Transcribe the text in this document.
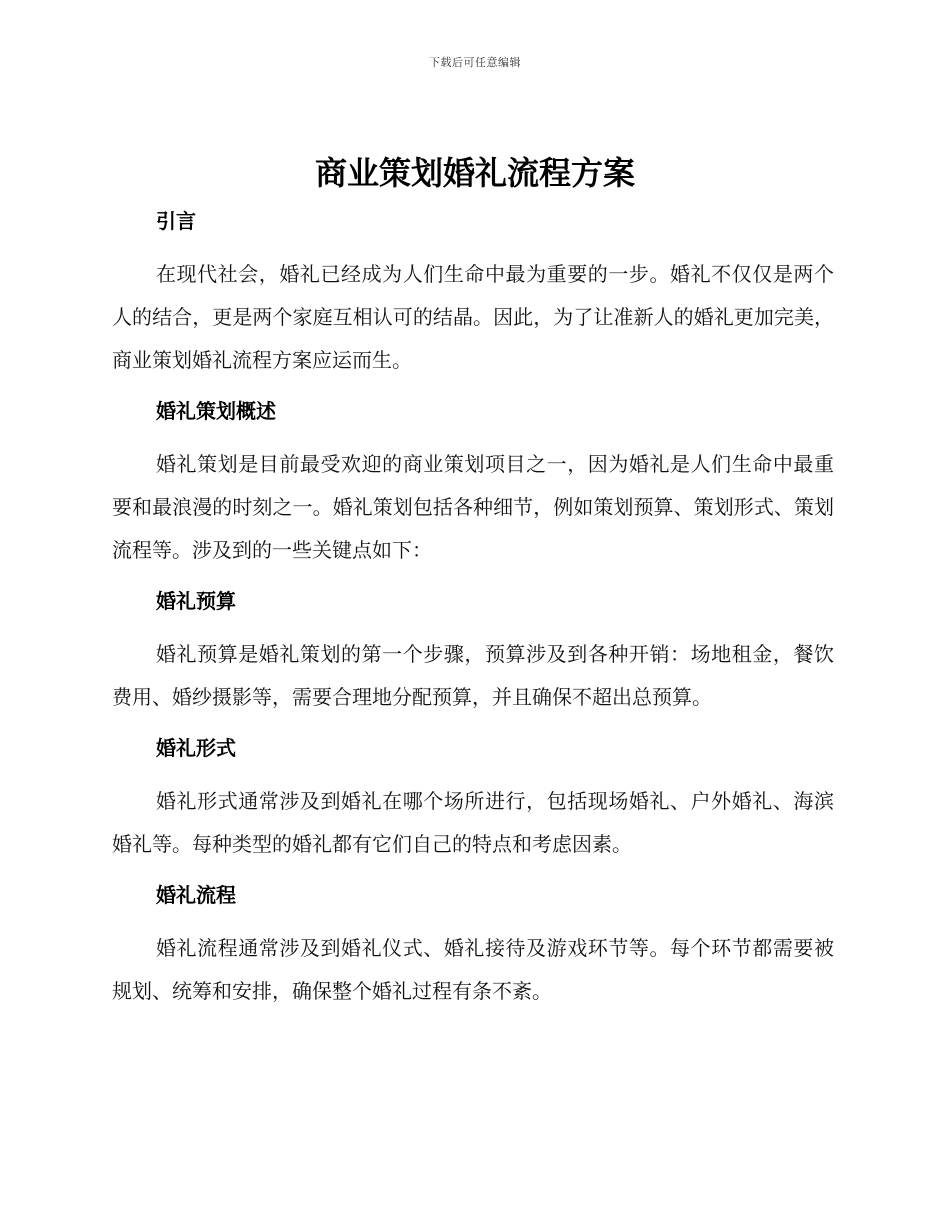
下载后可任意编辑
商业策划婚礼流程方案
引言

在现代社会，婚礼已经成为人们生命中最为重要的一步。婚礼不仅仅是两个人的结合，更是两个家庭互相认可的结晶。因此，为了让准新人的婚礼更加完美，商业策划婚礼流程方案应运而生。

婚礼策划概述

婚礼策划是目前最受欢迎的商业策划项目之一，因为婚礼是人们生命中最重要和最浪漫的时刻之一。婚礼策划包括各种细节，例如策划预算、策划形式、策划流程等。涉及到的一些关键点如下：

婚礼预算

婚礼预算是婚礼策划的第一个步骤，预算涉及到各种开销：场地租金，餐饮费用、婚纱摄影等，需要合理地分配预算，并且确保不超出总预算。

婚礼形式

婚礼形式通常涉及到婚礼在哪个场所进行，包括现场婚礼、户外婚礼、海滨婚礼等。每种类型的婚礼都有它们自己的特点和考虑因素。

婚礼流程

婚礼流程通常涉及到婚礼仪式、婚礼接待及游戏环节等。每个环节都需要被规划、统筹和安排，确保整个婚礼过程有条不紊。
